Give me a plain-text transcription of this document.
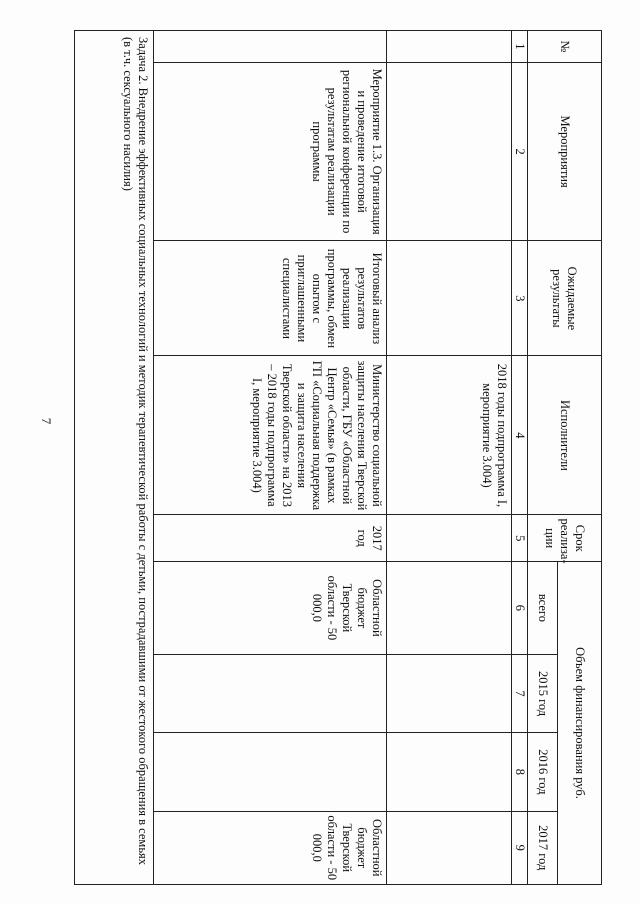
7
№	Мероприятия	Ожидаемые результаты	Исполнители	Срок реализа-ции	Объем финансирования руб.			
					всего	2015 год	2016 год	2017 год
1	2	3	4	5	6	7	8	9
			2018 годы подпрограмма I, мероприятие 3.004)					
	Мероприятие 1.3. Организация и проведение итоговой региональной конференции по результатам реализации программы	Итоговый анализ результатов реализации программы, обмен опытом с приглашенными специалистами	Министерство социальной защиты населения Тверской области, ГБУ «Областной Центр «Семья» (в рамках ГП «Социальная поддержка и защита населения Тверской области» на 2013 – 2018 годы подпрограмма I, мероприятие 3.004)	2017 год	Областной бюджет Тверской области - 50 000,0			Областной бюджет Тверской области - 50 000,0
Задача 2. Внедрение эффективных социальных технологий и методик терапевтической работы с детьми, пострадавшими от жестокого обращения в семьях (в т.ч. сексуального насилия)								
